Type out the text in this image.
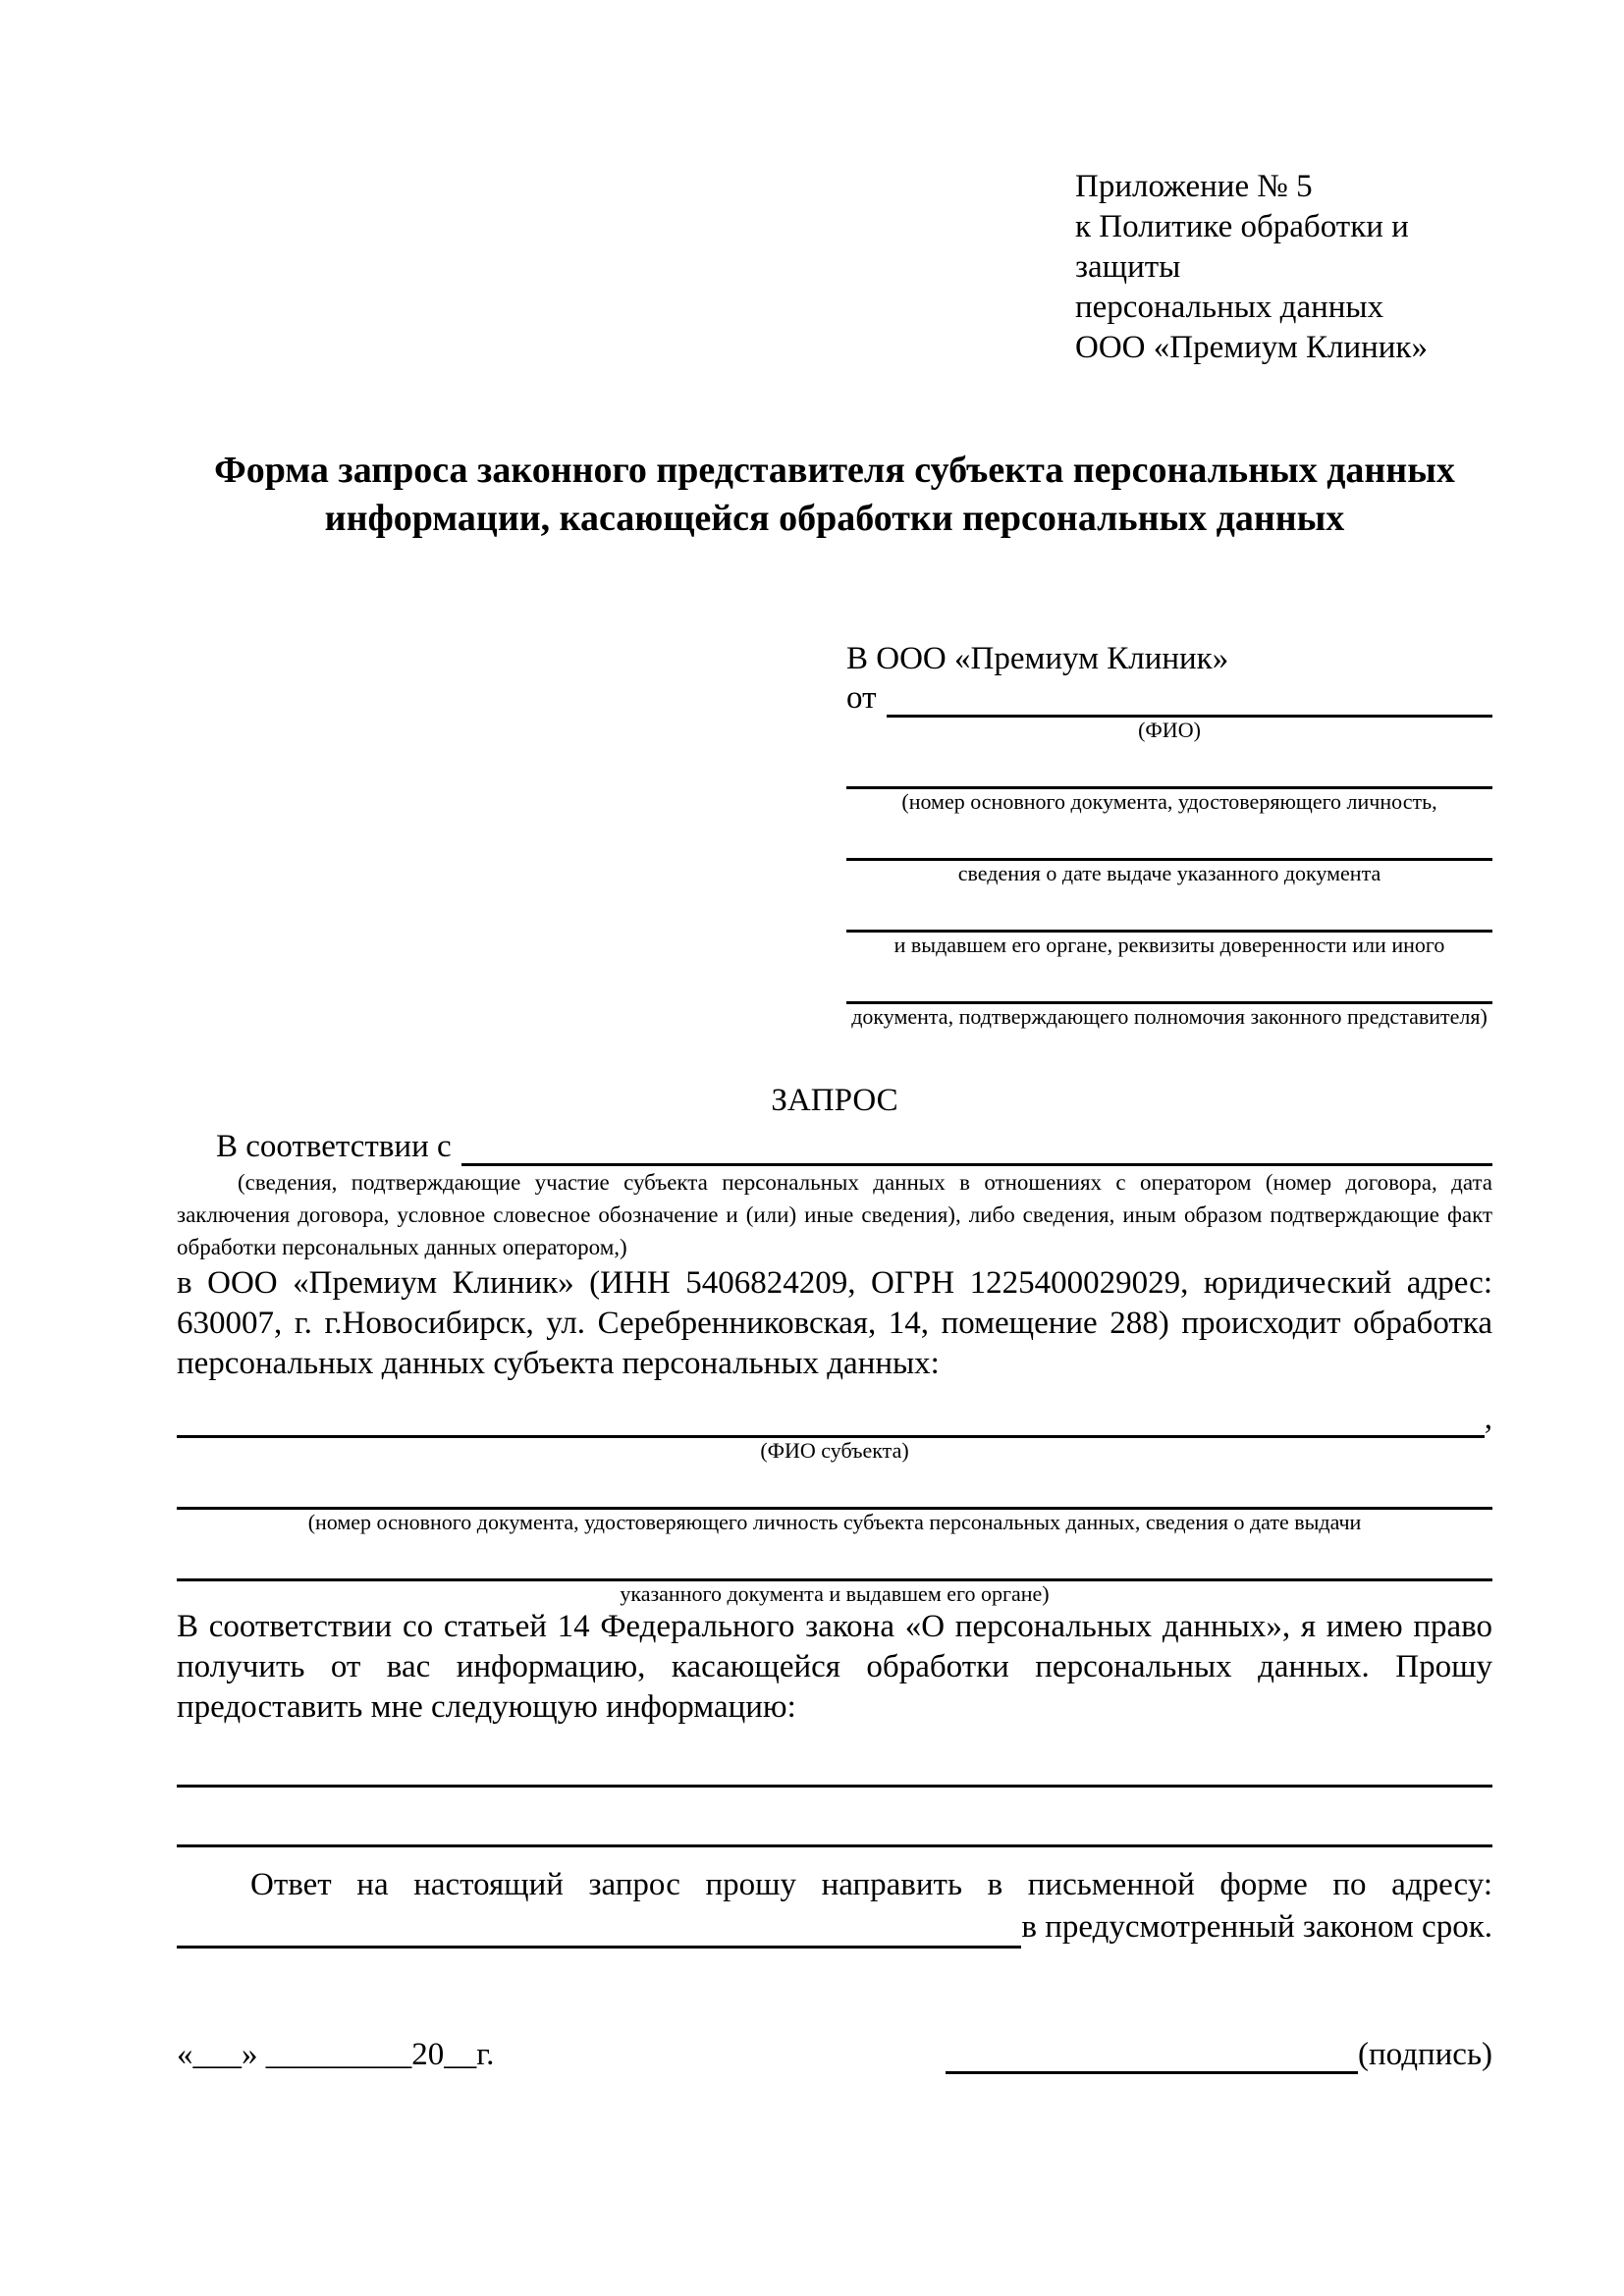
Приложение № 5
к Политике обработки и защиты
персональных данных
ООО «Премиум Клиник»
Форма запроса законного представителя субъекта персональных данных информации, касающейся обработки персональных данных
В ООО «Премиум Клиник»
от
(ФИО)
(номер основного документа, удостоверяющего личность,
сведения о дате выдаче указанного документа
и выдавшем его органе, реквизиты доверенности или иного
документа, подтверждающего полномочия законного представителя)
ЗАПРОС
В соответствии с
(сведения, подтверждающие участие субъекта персональных данных в отношениях с оператором (номер договора, дата заключения договора, условное словесное обозначение и (или) иные сведения), либо сведения, иным образом подтверждающие факт обработки персональных данных оператором,)

в ООО «Премиум Клиник» (ИНН 5406824209, ОГРН 1225400029029, юридический адрес: 630007, г. г.Новосибирск, ул. Серебренниковская, 14, помещение 288) происходит обработка персональных данных субъекта персональных данных:

,
(ФИО субъекта)
(номер основного документа, удостоверяющего личность субъекта персональных данных, сведения о дате выдачи
указанного документа и выдавшем его органе)

В соответствии со статьей 14 Федерального закона «О персональных данных», я имею право получить от вас информацию, касающейся обработки персональных данных. Прошу предоставить мне следующую информацию:

Ответ на настоящий запрос прошу направить в письменной форме по адресу:
в предусмотренный законом срок.
«___» _________20__г.	(подпись)
